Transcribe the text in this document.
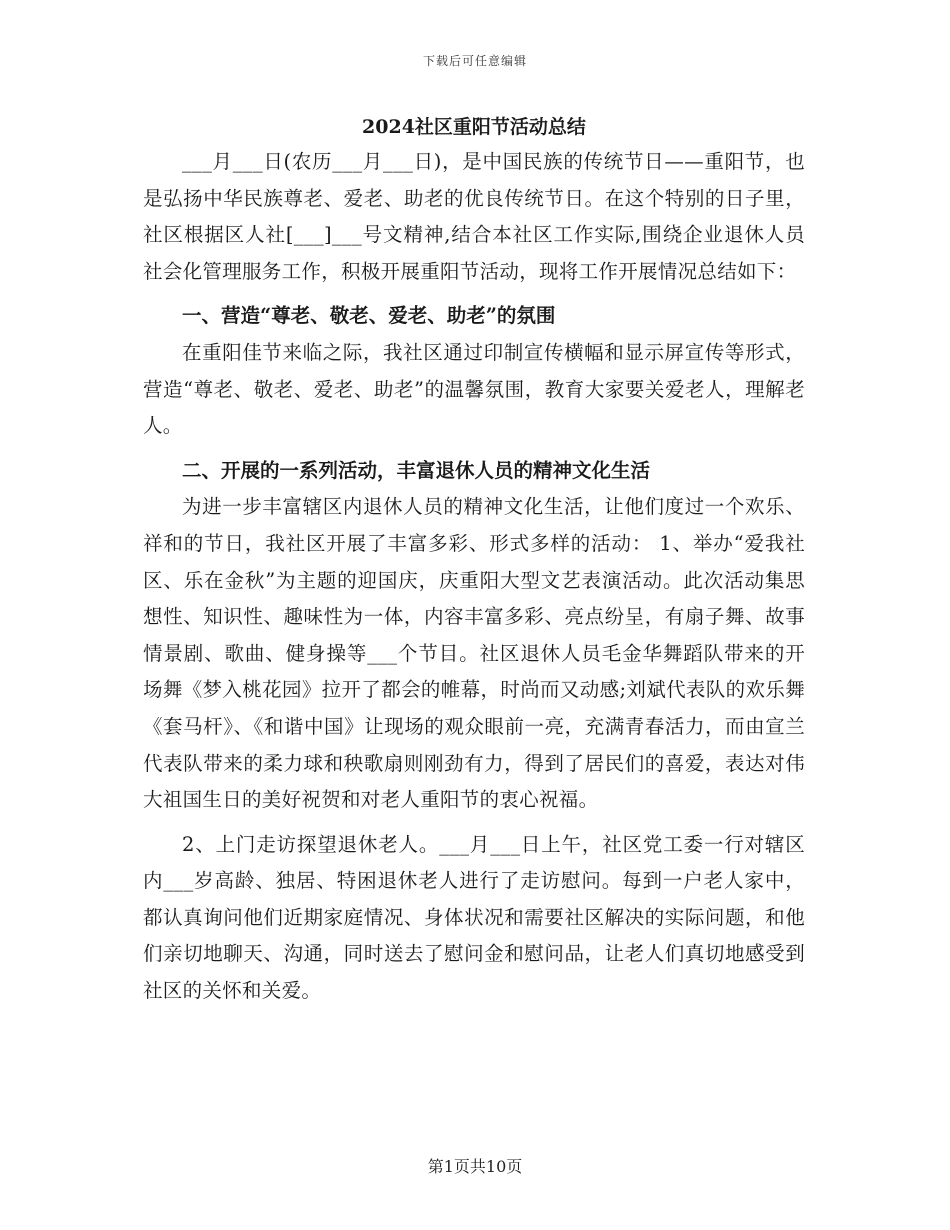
下载后可任意编辑
2024社区重阳节活动总结

___月___日(农历___月___日)，是中国民族的传统节日——重阳节，也是弘扬中华民族尊老、爱老、助老的优良传统节日。在这个特别的日子里，社区根据区人社[___]___号文精神,结合本社区工作实际,围绕企业退休人员社会化管理服务工作，积极开展重阳节活动，现将工作开展情况总结如下：

一、营造“尊老、敬老、爱老、助老”的氛围

在重阳佳节来临之际，我社区通过印制宣传横幅和显示屏宣传等形式，营造“尊老、敬老、爱老、助老”的温馨氛围，教育大家要关爱老人，理解老人。

二、开展的一系列活动，丰富退休人员的精神文化生活

为进一步丰富辖区内退休人员的精神文化生活，让他们度过一个欢乐、祥和的节日，我社区开展了丰富多彩、形式多样的活动： 1、举办“爱我社区、乐在金秋”为主题的迎国庆，庆重阳大型文艺表演活动。此次活动集思想性、知识性、趣味性为一体，内容丰富多彩、亮点纷呈，有扇子舞、故事情景剧、歌曲、健身操等___个节目。社区退休人员毛金华舞蹈队带来的开场舞《梦入桃花园》拉开了都会的帷幕，时尚而又动感;刘斌代表队的欢乐舞《套马杆》、《和谐中国》让现场的观众眼前一亮，充满青春活力，而由宣兰代表队带来的柔力球和秧歌扇则刚劲有力，得到了居民们的喜爱，表达对伟大祖国生日的美好祝贺和对老人重阳节的衷心祝福。

2、上门走访探望退休老人。___月___日上午，社区党工委一行对辖区内___岁高龄、独居、特困退休老人进行了走访慰问。每到一户老人家中，都认真询问他们近期家庭情况、身体状况和需要社区解决的实际问题，和他们亲切地聊天、沟通，同时送去了慰问金和慰问品，让老人们真切地感受到社区的关怀和关爱。

第1页共10页
